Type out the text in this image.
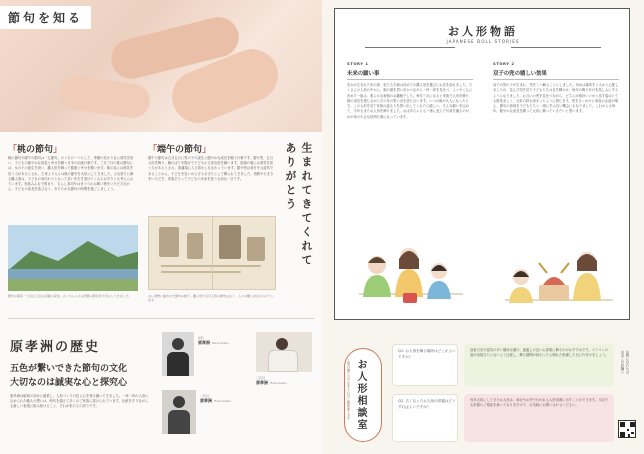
節句を知る
「桃の節句」
桃の節句や端午の節句は「五節句」のうちの一つとして、季節の変わり目に邪気を祓い、子どもの健やかな成長と幸せを願う日本の伝統行事です。三月三日の桃の節句には、女の子の誕生を祝い、雛人形を飾って健康と幸せを願います。桃の花には邪気を祓う力があるとされ、古来より人々は桃の節句を大切にしてきました。ひな祭りに飾る雛人形は、子どもの身代わりとなって災いを引き受けてくれるお守りとも考えられています。家族みんなで集まり、ちらし寿司やはまぐりのお吸い物をいただきながら、子どもの成長を喜び合う、あたたかな節句の時間を過ごしましょう。
「端午の節句」
端午の節句は五月五日に男の子の誕生と健やかな成長を願う行事です。鎧や兜、五月人形を飾り、鯉のぼりを揚げて子どもの立身出世を願います。菖蒲の葉には邪気を祓う力があるとされ、菖蒲湯に入る習わしも伝わっています。鎧や兜は身を守る道具であることから、子どもを災いから守るお守りとして飾られてきました。柏餅やちまきをいただき、家族そろって子どもの未来を祝う大切な一日です。	生まれてきてくれて
ありがとう
節句の風景 ─ 川辺に広がる初夏の景色。古くから人々は季節の節目を大切にしてきました。	古い書物に描かれた節句の様子。雛人形や五月人形の歴史は古く、人々の願いが込められています。
原孝洲の歴史
五色が繋いできた節句の文化
大切なのは誠実な心と探究心
原孝洲は昭和の初めに創業し、人形づくりの技と心を受け継いできました。一体一体の人形に込められた職人の想いは、時代を越えて多くのご家族に届けられています。伝統を守りながらも新しい表現に挑み続けること、それが私たちの誇りです。
初代
原孝洲 Hara Koshu
三代目
原孝洲 Hara Koshu
二代目
原孝洲 Hara Koshu
お人形物語
JAPANESE DOLL STORIES
STORY 1
未来の願い事
長女が生まれた年の春、私たち夫婦は初めての雛人形を選びにお店を訪れました。たくさんの人形の中から、娘の顔を思い浮かべながら一体一体を見比べ、ようやく心に決めた一組は、柔らかな表情のお雛様でした。毎年三月になると家族で人形を飾り、娘の成長を感じながらその年の思い出を語り合います。いつか娘が大人になったとき、この人形を見て家族の温もりを思い出してくれたら嬉しい。そんな願いを込めて、今年もまたお人形を飾りました。おばあちゃんも一緒に並んで写真を撮るのが、わが家の小さな恒例行事になっています。
STORY 2
双子の兜の嬉しい効果
双子の男の子が生まれ、兜を二つ飾ることにしました。初めは場所をとるかと心配しましたが、並んだ兜を見た子どもたちは目を輝かせ、毎年の飾り付けを楽しみにするようになりました。お互いの兜を見比べながら、どちらが格好いいかと話す姿はとても微笑ましく、兄弟の絆も深まったように感じます。兜をきっかけに家族の会話が増え、節句の意味を子どもたちと一緒に学ぶ良い機会にもなりました。これからも毎年、健やかな成長を願って大切に飾っていきたいと思います。
お人形相談室
人形の飾り方やお手入れのご相談承ります
Q1. お人形を飾る場所はどこがよいですか？
直射日光や湿気の多い場所は避け、風通しの良いお部屋に飾るのがおすすめです。エアコンの風が直接当たらないよう注意し、飾る期間が終わったら晴れた乾燥した日に片付けましょう。
Q2. 古くなったお人形の供養はどうすればよいですか？
長年大切にしてきたお人形は、神社やお寺で行われる人形供養に出すことができます。当店でも供養のご相談を承っておりますので、お気軽にお問い合わせください。
お問い合わせは
お近くの店舗へ
